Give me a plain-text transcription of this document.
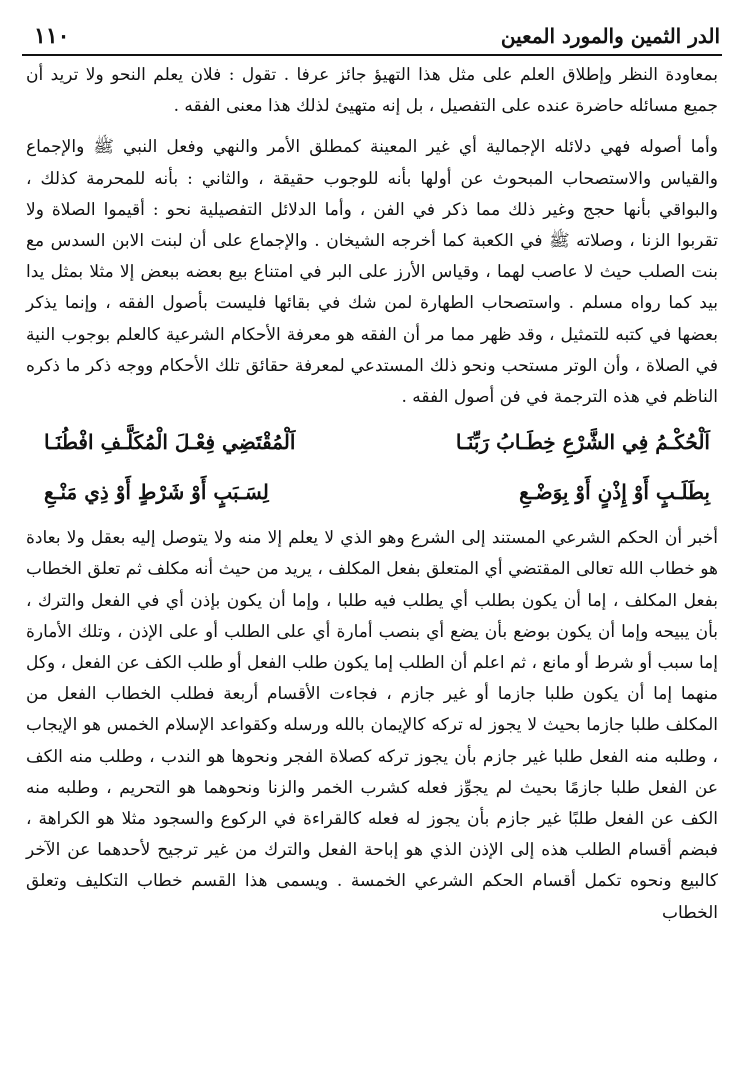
الدر الثمين والمورد المعين
١١٠

بمعاودة النظر وإطلاق العلم على مثل هذا التهيؤ جائز عرفا . تقول : فلان يعلم النحو ولا تريد أن جميع مسائله حاضرة عنده على التفصيل ، بل إنه متهيئ لذلك هذا معنى الفقه .

وأما أصوله فهي دلائله الإجمالية أي غير المعينة كمطلق الأمر والنهي وفعل النبي ﷺ والإجماع والقياس والاستصحاب المبحوث عن أولها بأنه للوجوب حقيقة ، والثاني : بأنه للمحرمة كذلك ، والبواقي بأنها حجج وغير ذلك مما ذكر في الفن ، وأما الدلائل التفصيلية نحو : أقيموا الصلاة ولا تقربوا الزنا ، وصلاته ﷺ في الكعبة كما أخرجه الشيخان . والإجماع على أن لبنت الابن السدس مع بنت الصلب حيث لا عاصب لهما ، وقياس الأرز على البر في امتناع بيع بعضه ببعض إلا مثلا بمثل يدا بيد كما رواه مسلم . واستصحاب الطهارة لمن شك في بقائها فليست بأصول الفقه ، وإنما يذكر بعضها في كتبه للتمثيل ، وقد ظهر مما مر أن الفقه هو معرفة الأحكام الشرعية كالعلم بوجوب النية في الصلاة ، وأن الوتر مستحب ونحو ذلك المستدعي لمعرفة حقائق تلك الأحكام ووجه ذكر ما ذكره الناظم في هذه الترجمة في فن أصول الفقه .

اَلْحُكْـمُ فِي الشَّرْعِ خِطَـابُ رَبِّنَـا
اَلْمُقْتَضِي فِعْـلَ الْمُكَلَّـفِ افْطُنَـا
بِطَلَـبٍ أَوْ إِذْنٍ أَوْ بِوَضْـعِ
لِسَـبَبٍ أَوْ شَرْطٍ أَوْ ذِي مَنْـعِ

أخبر أن الحكم الشرعي المستند إلى الشرع وهو الذي لا يعلم إلا منه ولا يتوصل إليه بعقل ولا بعادة هو خطاب الله تعالى المقتضي أي المتعلق بفعل المكلف ، يريد من حيث أنه مكلف ثم تعلق الخطاب بفعل المكلف ، إما أن يكون بطلب أي يطلب فيه طلبا ، وإما أن يكون بإذن أي في الفعل والترك ، بأن يبيحه وإما أن يكون بوضع بأن يضع أي بنصب أمارة أي على الطلب أو على الإذن ، وتلك الأمارة إما سبب أو شرط أو مانع ، ثم اعلم أن الطلب إما يكون طلب الفعل أو طلب الكف عن الفعل ، وكل منهما إما أن يكون طلبا جازما أو غير جازم ، فجاءت الأقسام أربعة فطلب الخطاب الفعل من المكلف طلبا جازما بحيث لا يجوز له تركه كالإيمان بالله ورسله وكقواعد الإسلام الخمس هو الإيجاب ، وطلبه منه الفعل طلبا غير جازم بأن يجوز تركه كصلاة الفجر ونحوها هو الندب ، وطلب منه الكف عن الفعل طلبا جازمًا بحيث لم يجوِّز فعله كشرب الخمر والزنا ونحوهما هو التحريم ، وطلبه منه الكف عن الفعل طلبًا غير جازم بأن يجوز له فعله كالقراءة في الركوع والسجود مثلا هو الكراهة ، فبضم أقسام الطلب هذه إلى الإذن الذي هو إباحة الفعل والترك من غير ترجيح لأحدهما عن الآخر كالبيع ونحوه تكمل أقسام الحكم الشرعي الخمسة . ويسمى هذا القسم خطاب التكليف وتعلق الخطاب
